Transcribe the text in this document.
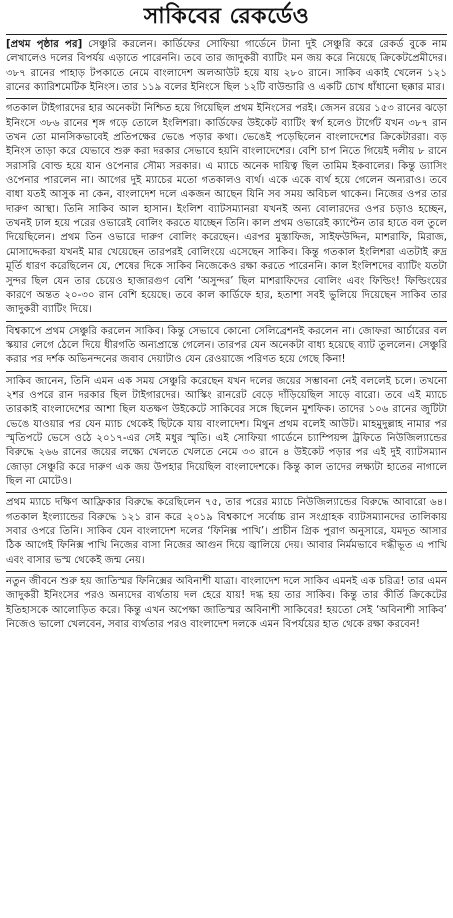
সাকিবের রেকর্ডেও

[প্রথম পৃষ্ঠার পর] সেঞ্চুরি করলেন। কার্ডিফের সোফিয়া গার্ডেনে টানা দুই সেঞ্চুরি করে রেকর্ড বুকে নাম লেখালেও দলের বিপর্যয় এড়াতে পারেননি। তবে তার জাদুকরী ব্যাটিং মন জয় করে নিয়েছে ক্রিকেটপ্রেমীদের। ৩৮৭ রানের পাহাড় টপকাতে নেমে বাংলাদেশ অলআউট হয়ে যায় ২৮০ রানে। সাকিব একাই খেলেন ১২১ রানের ক্যারিশমেটিক ইনিংস। তার ১১৯ বলের ইনিংসে ছিল ১২টি বাউন্ডারি ও একটি চোখ ধাঁধানো ছক্কার মার।

গতকাল টাইগারদের হার অনেকটা নিশ্চিত হয়ে গিয়েছিল প্রথম ইনিংসের পরই। জেসন রয়ের ১৫৩ রানের ঝড়ো ইনিংসে ৩৮৬ রানের শৃঙ্গ গড়ে তোলে ইংলিশরা। কার্ডিফের উইকেট ব্যাটিং স্বর্গ হলেও টার্গেট যখন ৩৮৭ রান তখন তো মানসিকভাবেই প্রতিপক্ষের ভেঙে পড়ার কথা। ভেঙেই পড়েছিলেন বাংলাদেশের ক্রিকেটাররা। বড় ইনিংস তাড়া করে যেভাবে শুরু করা দরকার সেভাবে হয়নি বাংলাদেশের। বেশি চাপ নিতে গিয়েই দলীয় ৮ রানে সরাসরি বোল্ড হয়ে যান ওপেনার সৌম্য সরকার। এ ম্যাচে অনেক দায়িত্ব ছিল তামিম ইকবালের। কিন্তু ড্যাসিং ওপেনার পারলেন না। আগের দুই ম্যাচের মতো গতকালও ব্যর্থ। একে একে ব্যর্থ হয়ে গেলেন অন্যরাও। তবে বাধা যতই আসুক না কেন, বাংলাদেশ দলে একজন আছেন যিনি সব সময় অবিচল থাকেন। নিজের ওপর তার দারুণ আস্থা। তিনি সাকিব আল হাসান। ইংলিশ ব্যাটসম্যানরা যখনই অন্য বোলারদের ওপর চড়াও হচ্ছেন, তখনই ঢাল হয়ে পরের ওভারেই বোলিং করতে যাচ্ছেন তিনি। কাল প্রথম ওভারেই ক্যাপ্টেন তার হাতে বল তুলে দিয়েছিলেন। প্রথম তিন ওভারে দারুণ বোলিং করেছেন। এরপর মুস্তাফিজ, সাইফউদ্দিন, মাশরাফি, মিরাজ, মোসাদ্দেকরা যখনই মার খেয়েছেন তারপরই বোলিংয়ে এসেছেন সাকিব। কিন্তু গতকাল ইংলিশরা এতটাই রুদ্র মূর্তি ধারণ করেছিলেন যে, শেষের দিকে সাকিব নিজেকেও রক্ষা করতে পারেননি। কাল ইংলিশদের ব্যাটিং যতটা সুন্দর ছিল যেন তার চেয়েও হাজারগুণ বেশি ‘অসুন্দর’ ছিল মাশরাফিদের বোলিং এবং ফিল্ডিং! ফিল্ডিংয়ের কারণে অন্তত ২০-৩০ রান বেশি হয়েছে। তবে কাল কার্ডিফে হার, হতাশা সবই ভুলিয়ে দিয়েছেন সাকিব তার জাদুকরী ব্যাটিং দিয়ে।

বিশ্বকাপে প্রথম সেঞ্চুরি করলেন সাকিব। কিন্তু সেভাবে কোনো সেলিব্রেশনই করলেন না। জোফরা আর্চারের বল স্কয়ার লেগে ঠেলে দিয়ে ধীরগতি অন্যপ্রান্তে গেলেন। তারপর যেন অনেকটা বাধ্য হয়েছে ব্যাট তুললেন। সেঞ্চুরি করার পর দর্শক অভিনন্দনের জবাব দেয়াটাও যেন রেওয়াজে পরিণত হয়ে গেছে কিনা!

সাকিব জানেন, তিনি এমন এক সময় সেঞ্চুরি করেছেন যখন দলের জয়ের সম্ভাবনা নেই বললেই চলে। তখনো ২শর ওপরে রান দরকার ছিল টাইগারদের। আস্কিং রানরেট বেড়ে দাঁড়িয়েছিল সাড়ে বারো। তবে এই ম্যাচে তারকাই বাংলাদেশের আশা ছিল যতক্ষণ উইকেটে সাকিবের সঙ্গে ছিলেন মুশফিক। তাদের ১০৬ রানের জুটিটা ভেঙে যাওয়ার পর যেন ম্যাচ থেকেই ছিটকে যায় বাংলাদেশ। মিথুন প্রথম বলেই আউট। মাহমুদুল্লাহ নামার পর স্মৃতিপটে ভেসে ওঠে ২০১৭-এর সেই মধুর স্মৃতি। এই সোফিয়া গার্ডেনে চ্যাম্পিয়ন্স ট্রফিতে নিউজিল্যান্ডের বিরুদ্ধে ২৬৬ রানের জয়ের লক্ষ্যে খেলতে খেলতে নেমে ৩৩ রানে ৪ উইকেট পড়ার পর এই দুই ব্যাটসম্যান জোড়া সেঞ্চুরি করে দারুণ এক জয় উপহার দিয়েছিল বাংলাদেশকে। কিন্তু কাল তাদের লক্ষ্যটা হাতের নাগালে ছিল না মোটেও।

প্রথম ম্যাচে দক্ষিণ আফ্রিকার বিরুদ্ধে করেছিলেন ৭৫, তার পরের ম্যাচে নিউজিল্যান্ডের বিরুদ্ধে আবারো ৬৪। গতকাল ইংল্যান্ডের বিরুদ্ধে ১২১ রান করে ২০১৯ বিশ্বকাপে সর্বোচ্চ রান সংগ্রাহক ব্যাটসম্যানদের তালিকায় সবার ওপরে তিনি। সাকিব যেন বাংলাদেশ দলের ‘ফিনিক্স পাখি’। প্রাচীন গ্রিক পুরাণ অনুসারে, যমদূত আসার ঠিক আগেই ফিনিক্স পাখি নিজের বাসা নিজের আগুন দিয়ে জ্বালিয়ে দেয়। আবার নির্মমভাবে দগ্ধীভূত এ পাখি এবং বাসার ভস্ম থেকেই জন্ম নেয়।

নতুন জীবনে শুরু হয় জাতিস্মর ফিনিক্সের অবিনাশী যাত্রা। বাংলাদেশ দলে সাকিব এমনই এক চরিত্র! তার এমন জাদুকরী ইনিংসের পরও অন্যদের ব্যর্থতায় দল হেরে যায়! দগ্ধ হয় তার সাকিব। কিন্তু তার কীর্তি ক্রিকেটের ইতিহাসকে আলোড়িত করে। কিন্তু এখন অপেক্ষা জাতিস্মর অবিনাশী সাকিবের! হয়তো সেই ‘অবিনাশী সাকিব’ নিজেও ভালো খেলবেন, সবার ব্যর্থতার পরও বাংলাদেশ দলকে এমন বিপর্যয়ের হাত থেকে রক্ষা করবেন!
